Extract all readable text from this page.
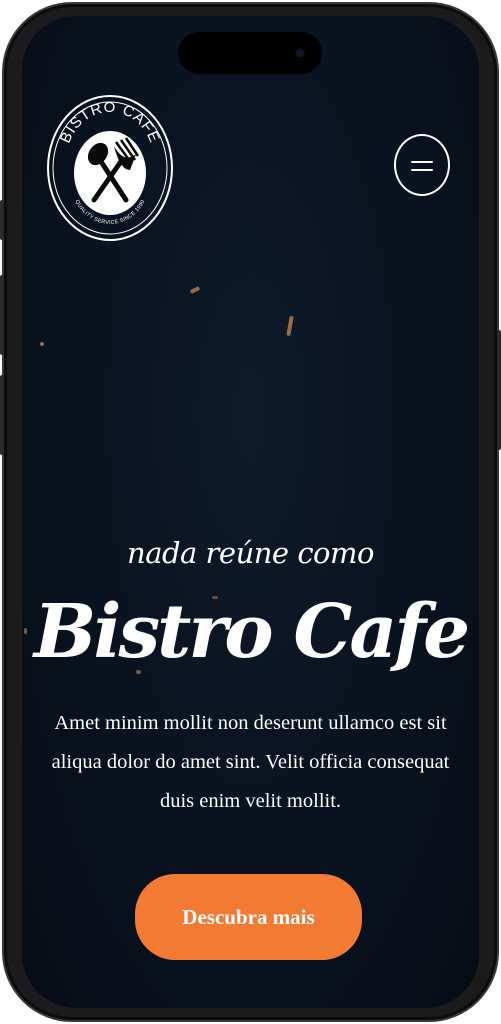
BISTRO CAFE
QUALITY SERVICE SINCE 1990
nada reúne como
Bistro Cafe
Amet minim mollit non deserunt ullamco est sit aliqua dolor do amet sint. Velit officia consequat duis enim velit mollit.
Descubra mais
